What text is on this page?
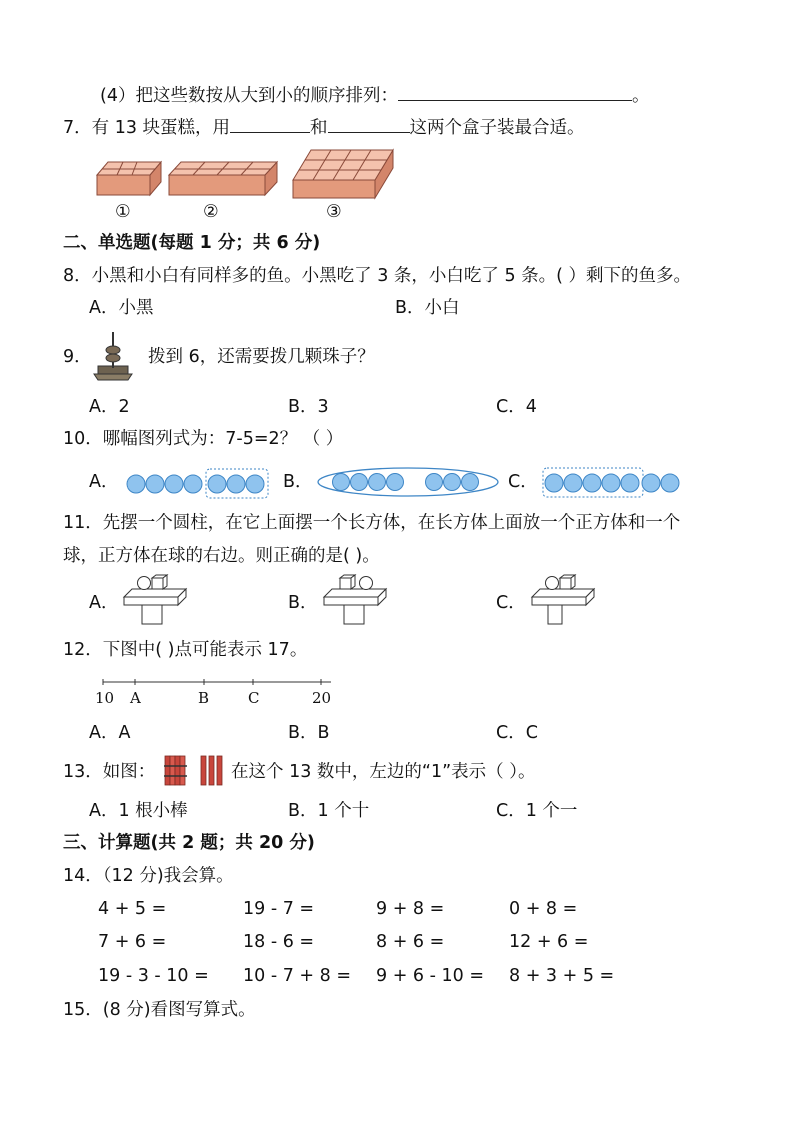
(4）把这些数按从大到小的顺序排列：	。
7．有 13 块蛋糕，用	和	这两个盒子装最合适。
①	②	③
二、单选题(每题 1 分；共 6 分)
8．小黑和小白有同样多的鱼。小黑吃了 3 条，小白吃了 5 条。( ）剩下的鱼多。
A．小黑	B．小白
9．	拨到 6，还需要拨几颗珠子？
A．2	B．3	C．4
10．哪幅图列式为：7-5=2？ （ ）
A．	B．	C．
11．先摆一个圆柱，在它上面摆一个长方体，在长方体上面放一个正方体和一个
球，正方体在球的右边。则正确的是( )。
A．	B．	C．
12．下图中( )点可能表示 17。
10 A	B	C	20
A．A	B．B	C．C
13．如图：	在这个 13 数中，左边的“1”表示（ ）。
A．1 根小棒	B．1 个十	C．1 个一
三、计算题(共 2 题；共 20 分)
14．（12 分)我会算。
4 + 5 =	19 - 7 =	9 + 8 =	0 + 8 =
7 + 6 =	18 - 6 =	8 + 6 =	12 + 6 =
19 - 3 - 10 = 10 - 7 + 8 = 9 + 6 - 10 = 8 + 3 + 5 =
15．(8 分)看图写算式。
